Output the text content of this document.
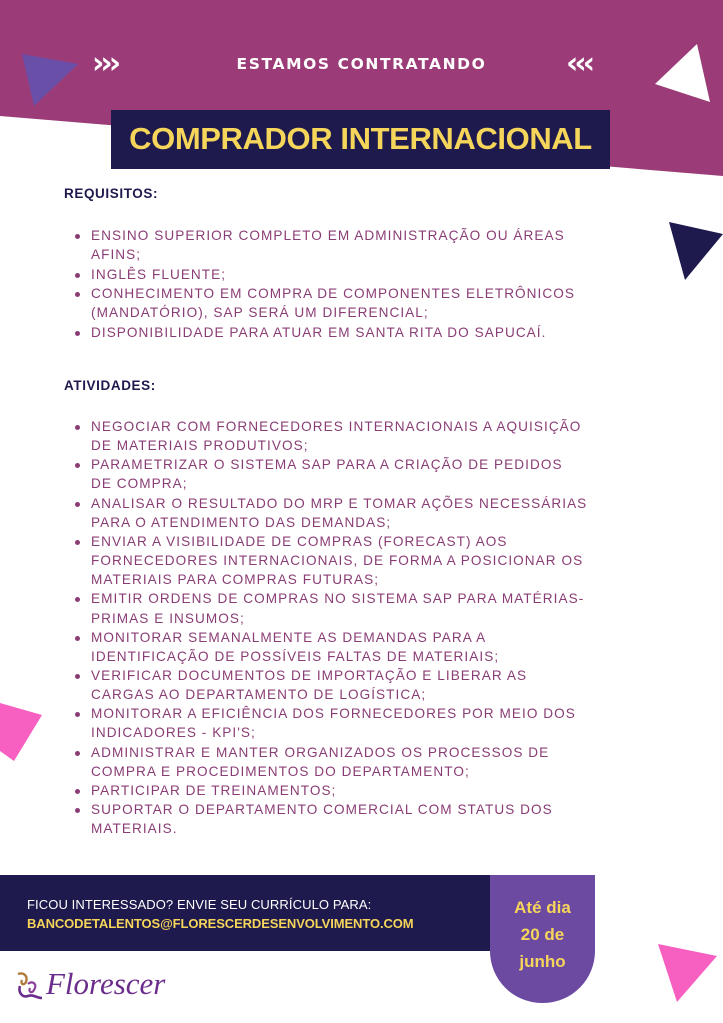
›››	‹‹‹
ESTAMOS CONTRATANDO
COMPRADOR INTERNACIONAL
REQUISITOS:
ENSINO SUPERIOR COMPLETO EM ADMINISTRAÇÃO OU ÁREAS
AFINS;
INGLÊS FLUENTE;
CONHECIMENTO EM COMPRA DE COMPONENTES ELETRÔNICOS
(MANDATÓRIO), SAP SERÁ UM DIFERENCIAL;
DISPONIBILIDADE PARA ATUAR EM SANTA RITA DO SAPUCAÍ.
ATIVIDADES:
NEGOCIAR COM FORNECEDORES INTERNACIONAIS A AQUISIÇÃO
DE MATERIAIS PRODUTIVOS;
PARAMETRIZAR O SISTEMA SAP PARA A CRIAÇÃO DE PEDIDOS
DE COMPRA;
ANALISAR O RESULTADO DO MRP E TOMAR AÇÕES NECESSÁRIAS
PARA O ATENDIMENTO DAS DEMANDAS;
ENVIAR A VISIBILIDADE DE COMPRAS (FORECAST) AOS
FORNECEDORES INTERNACIONAIS, DE FORMA A POSICIONAR OS
MATERIAIS PARA COMPRAS FUTURAS;
EMITIR ORDENS DE COMPRAS NO SISTEMA SAP PARA MATÉRIAS-
PRIMAS E INSUMOS;
MONITORAR SEMANALMENTE AS DEMANDAS PARA A
IDENTIFICAÇÃO DE POSSÍVEIS FALTAS DE MATERIAIS;
VERIFICAR DOCUMENTOS DE IMPORTAÇÃO E LIBERAR AS
CARGAS AO DEPARTAMENTO DE LOGÍSTICA;
MONITORAR A EFICIÊNCIA DOS FORNECEDORES POR MEIO DOS
INDICADORES - KPI'S;
ADMINISTRAR E MANTER ORGANIZADOS OS PROCESSOS DE
COMPRA E PROCEDIMENTOS DO DEPARTAMENTO;
PARTICIPAR DE TREINAMENTOS;
SUPORTAR O DEPARTAMENTO COMERCIAL COM STATUS DOS
MATERIAIS.
FICOU INTERESSADO? ENVIE SEU CURRÍCULO PARA:
BANCODETALENTOS@FLORESCERDESENVOLVIMENTO.COM
Até dia
20 de
junho
Florescer
